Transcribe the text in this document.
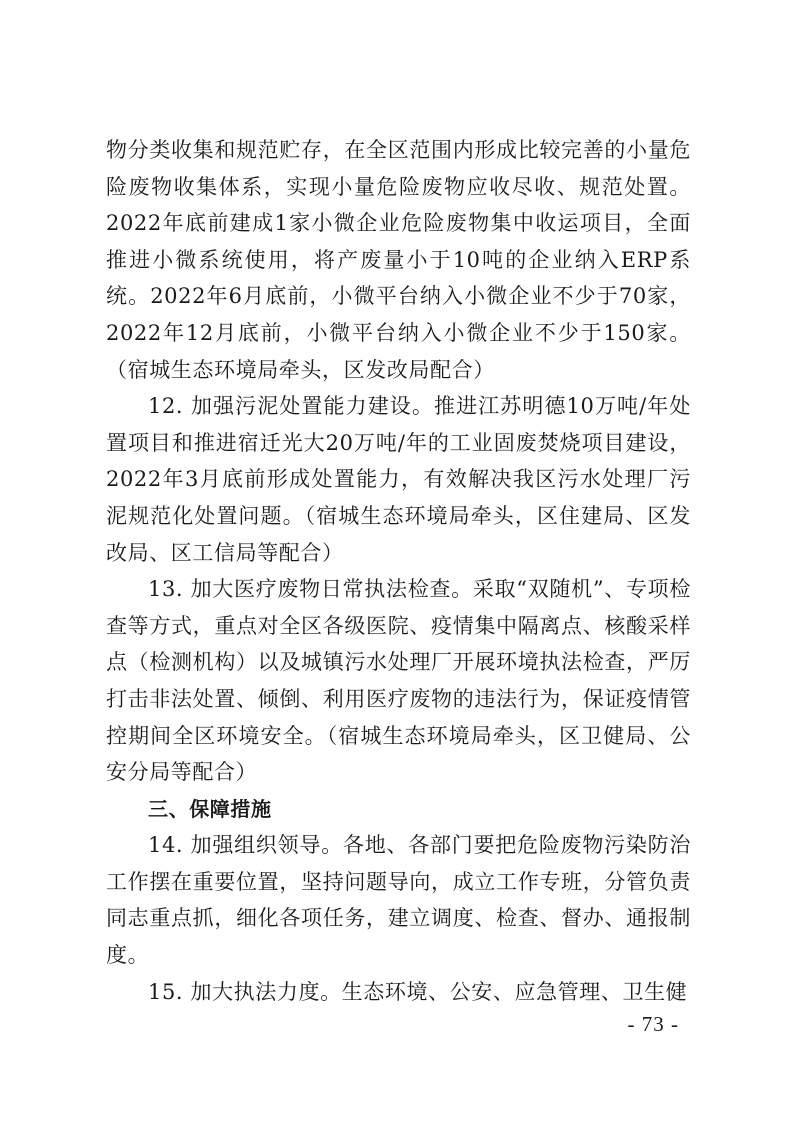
物分类收集和规范贮存，在全区范围内形成比较完善的小量危险废物收集体系，实现小量危险废物应收尽收、规范处置。2022年底前建成1家小微企业危险废物集中收运项目，全面推进小微系统使用，将产废量小于10吨的企业纳入ERP系统。2022年6月底前，小微平台纳入小微企业不少于70家，2022年12月底前，小微平台纳入小微企业不少于150家。（宿城生态环境局牵头，区发改局配合）

12. 加强污泥处置能力建设。推进江苏明德10万吨/年处置项目和推进宿迁光大20万吨/年的工业固废焚烧项目建设，2022年3月底前形成处置能力，有效解决我区污水处理厂污泥规范化处置问题。（宿城生态环境局牵头，区住建局、区发改局、区工信局等配合）

13. 加大医疗废物日常执法检查。采取“双随机”、专项检查等方式，重点对全区各级医院、疫情集中隔离点、核酸采样点（检测机构）以及城镇污水处理厂开展环境执法检查，严厉打击非法处置、倾倒、利用医疗废物的违法行为，保证疫情管控期间全区环境安全。（宿城生态环境局牵头，区卫健局、公安分局等配合）

三、保障措施

14. 加强组织领导。各地、各部门要把危险废物污染防治工作摆在重要位置，坚持问题导向，成立工作专班，分管负责同志重点抓，细化各项任务，建立调度、检查、督办、通报制度。

15. 加大执法力度。生态环境、公安、应急管理、卫生健

- 73 -
